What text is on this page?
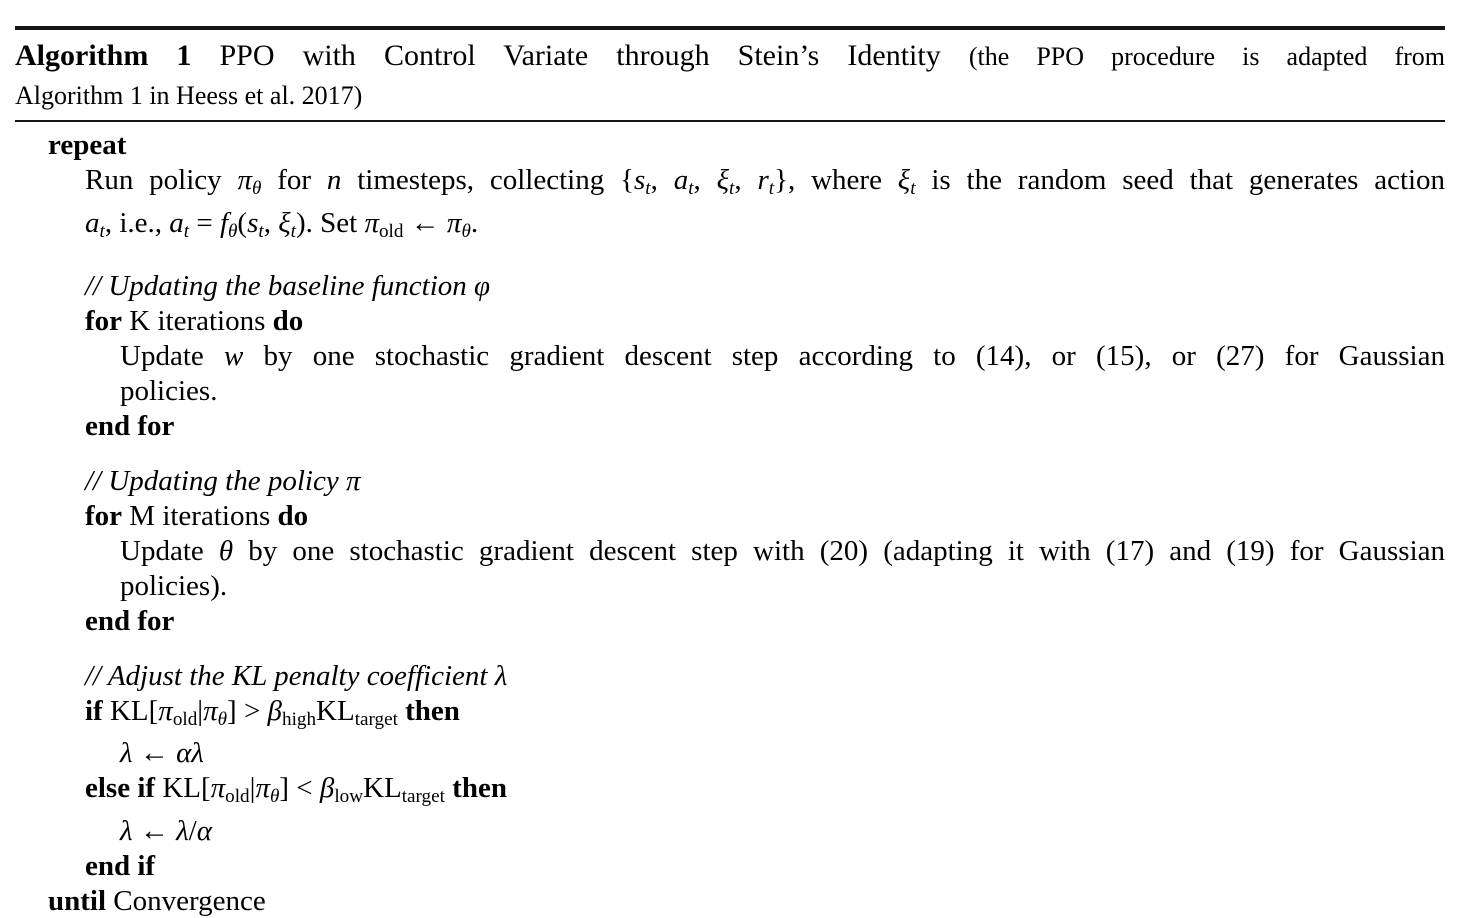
Algorithm 1 PPO with Control Variate through Stein’s Identity (the PPO procedure is adapted from
Algorithm 1 in Heess et al. 2017)
repeat
Run policy πθ for n timesteps, collecting {st, at, ξt, rt}, where ξt is the random seed that generates action
at, i.e., at = fθ(st, ξt). Set πold ← πθ.
// Updating the baseline function φ
for K iterations do
Update w by one stochastic gradient descent step according to (14), or (15), or (27) for Gaussian
policies.
end for
// Updating the policy π
for M iterations do
Update θ by one stochastic gradient descent step with (20) (adapting it with (17) and (19) for Gaussian
policies).
end for
// Adjust the KL penalty coefficient λ
if KL[πold|πθ] > βhighKLtarget then
λ ← αλ
else if KL[πold|πθ] < βlowKLtarget then
λ ← λ/α
end if
until Convergence
